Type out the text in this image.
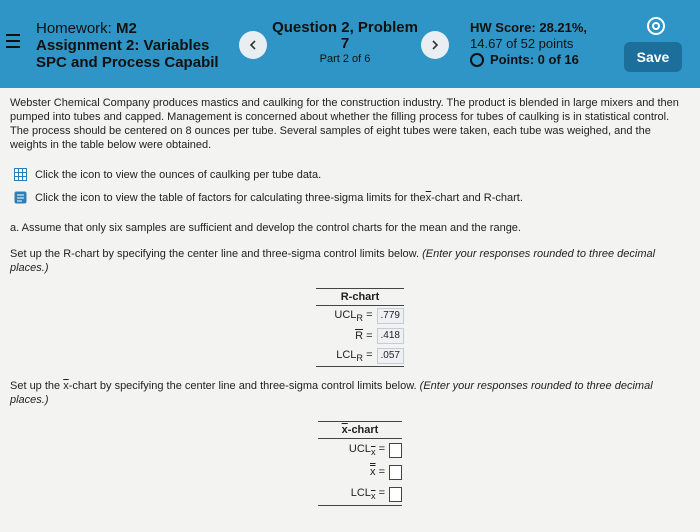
Homework: M2
Assignment 2: Variables
SPC and Process Capabil
Question 2, Problem
7
Part 2 of 6
HW Score: 28.21%,
14.67 of 52 points
Points: 0 of 16	Save

Webster Chemical Company produces mastics and caulking for the construction industry. The product is blended in large mixers and then pumped into tubes and capped. Management is concerned about whether the filling process for tubes of caulking is in statistical control. The process should be centered on 8 ounces per tube. Several samples of eight tubes were taken, each tube was weighed, and the weights in the table below were obtained.

Click the icon to view the ounces of caulking per tube data.
Click the icon to view the table of factors for calculating three-sigma limits for the $\overline{x}$ -chart and R-chart.
a. Assume that only six samples are sufficient and develop the control charts for the mean and the range.
Set up the R-chart by specifying the center line and three-sigma control limits below. (Enter your responses rounded to three decimal places.)
R-chart
$UCL_R = .779$
$\overline{R} = .418$
$LCL_R = .057$
Set up the $\overline{x}$-chart by specifying the center line and three-sigma control limits below. (Enter your responses rounded to three decimal places.)
$\overline{x}$-chart
$UCL_{\overline{x}}$ =
x =
$LCL_{\overline{x}}$ =
